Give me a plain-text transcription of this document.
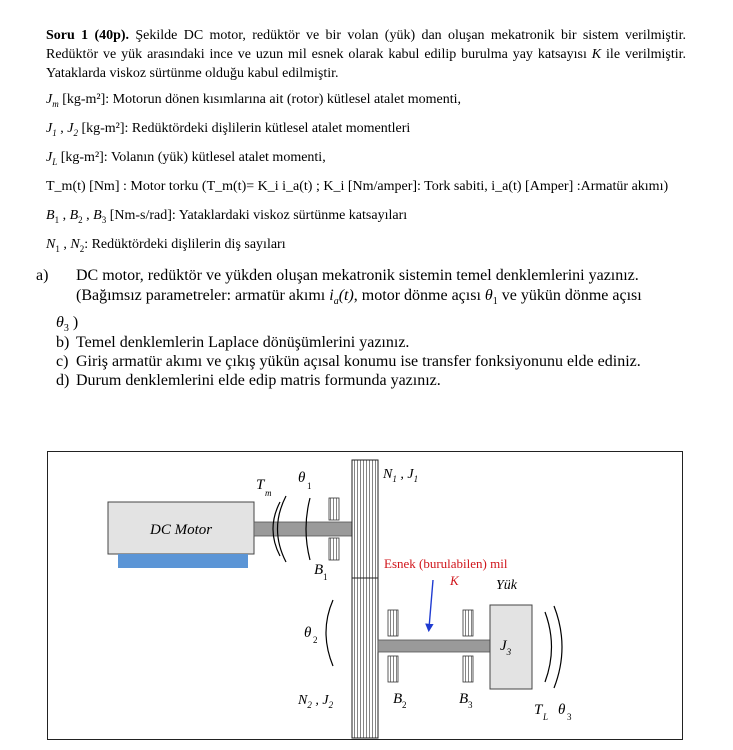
Soru 1 (40p). Şekilde DC motor, redüktör ve bir volan (yük) dan oluşan mekatronik bir sistem verilmiştir. Redüktör ve yük arasındaki ince ve uzun mil esnek olarak kabul edilip burulma yay katsayısı K ile verilmiştir. Yataklarda viskoz sürtünme olduğu kabul edilmiştir.

$J_m$ [kg-m²]: Motorun dönen kısımlarına ait (rotor) kütlesel atalet momenti,

$J_1$ , $J_2$ [kg-m²]: Redüktördeki dişlilerin kütlesel atalet momentleri

$J_L$ [kg-m²]: Volanın (yük) kütlesel atalet momenti,

T_m(t) [Nm] : Motor torku (T_m(t)= K_i i_a(t) ; K_i [Nm/amper]: Tork sabiti, i_a(t) [Amper] :Armatür akımı)

$B_1$ , $B_2$ , $B_3$ [Nm-s/rad]: Yataklardaki viskoz sürtünme katsayıları

$N_1$ , $N_2$: Redüktördeki dişlilerin diş sayıları

a) DC motor, redüktör ve yükden oluşan mekatronik sistemin temel denklemlerini yazınız.
(Bağımsız parametreler: armatür akımı $i_a(t)$, motor dönme açısı $\theta_1$ ve yükün dönme açısı
$\theta_3$ )
b) Temel denklemlerin Laplace dönüşümlerini yazınız.
c) Giriş armatür akımı ve çıkış yükün açısal konumu ise transfer fonksiyonunu elde ediniz.
d) Durum denklemlerini elde edip matris formunda yazınız.
DC Motor
T m
θ 1
B 1
$N_1$ , $J_1$
$N_2$ , $J_2$
θ 2
B 2	B 3
Esnek (burulabilen) mil
K	Yük
$J_3$
T L θ 3
